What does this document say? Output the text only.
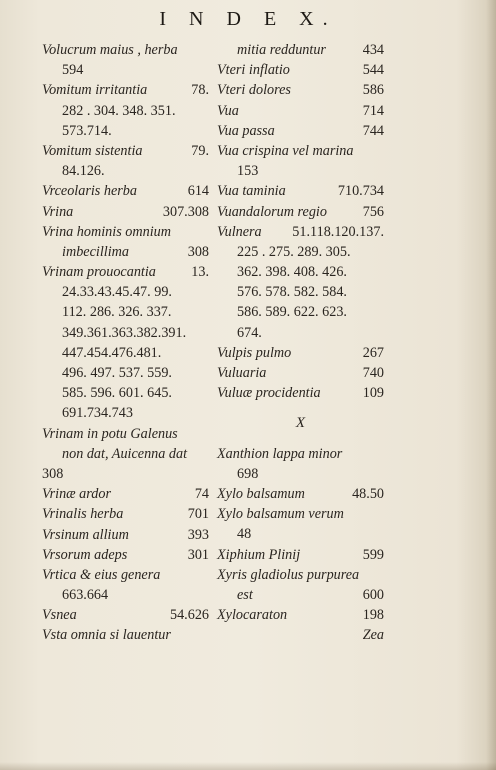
I N D E X.
Volucrum maius , herba
594
Vomitum irritantia	78.
282 . 304. 348. 351.
573.714.
Vomitum sistentia	79.
84.126.
Vrceolaris herba	614
Vrina	307.308
Vrina hominis omnium
imbecillima	308
Vrinam prouocantia 13.
24.33.43.45.47. 99.
112. 286. 326. 337.
349.361.363.382.391.
447.454.476.481.
496. 497. 537. 559.
585. 596. 601. 645.
691.734.743
Vrinam in potu Galenus
non dat, Auicenna dat
308
Vrinæ ardor	74
Vrinalis herba	701
Vrsinum allium	393
Vrsorum adeps	301
Vrtica & eius genera
663.664
Vsnea	54.626
Vsta omnia si lauentur
mitia redduntur	434
Vteri inflatio	544
Vteri dolores	586
Vua	714
Vua passa	744
Vua crispina vel marina
153
Vua taminia	710.734
Vuandalorum regio	756
Vulnera 51.118.120.137.
225 . 275. 289. 305.
362. 398. 408. 426.
576. 578. 582. 584.
586. 589. 622. 623.
674.
Vulpis pulmo	267
Vuluaria	740
Vuluæ procidentia	109
X
Xanthion lappa minor
698
Xylo balsamum	48.50
Xylo balsamum verum
48
Xiphium Plinij	599
Xyris gladiolus purpurea
est	600
Xylocaraton	198
Zea
